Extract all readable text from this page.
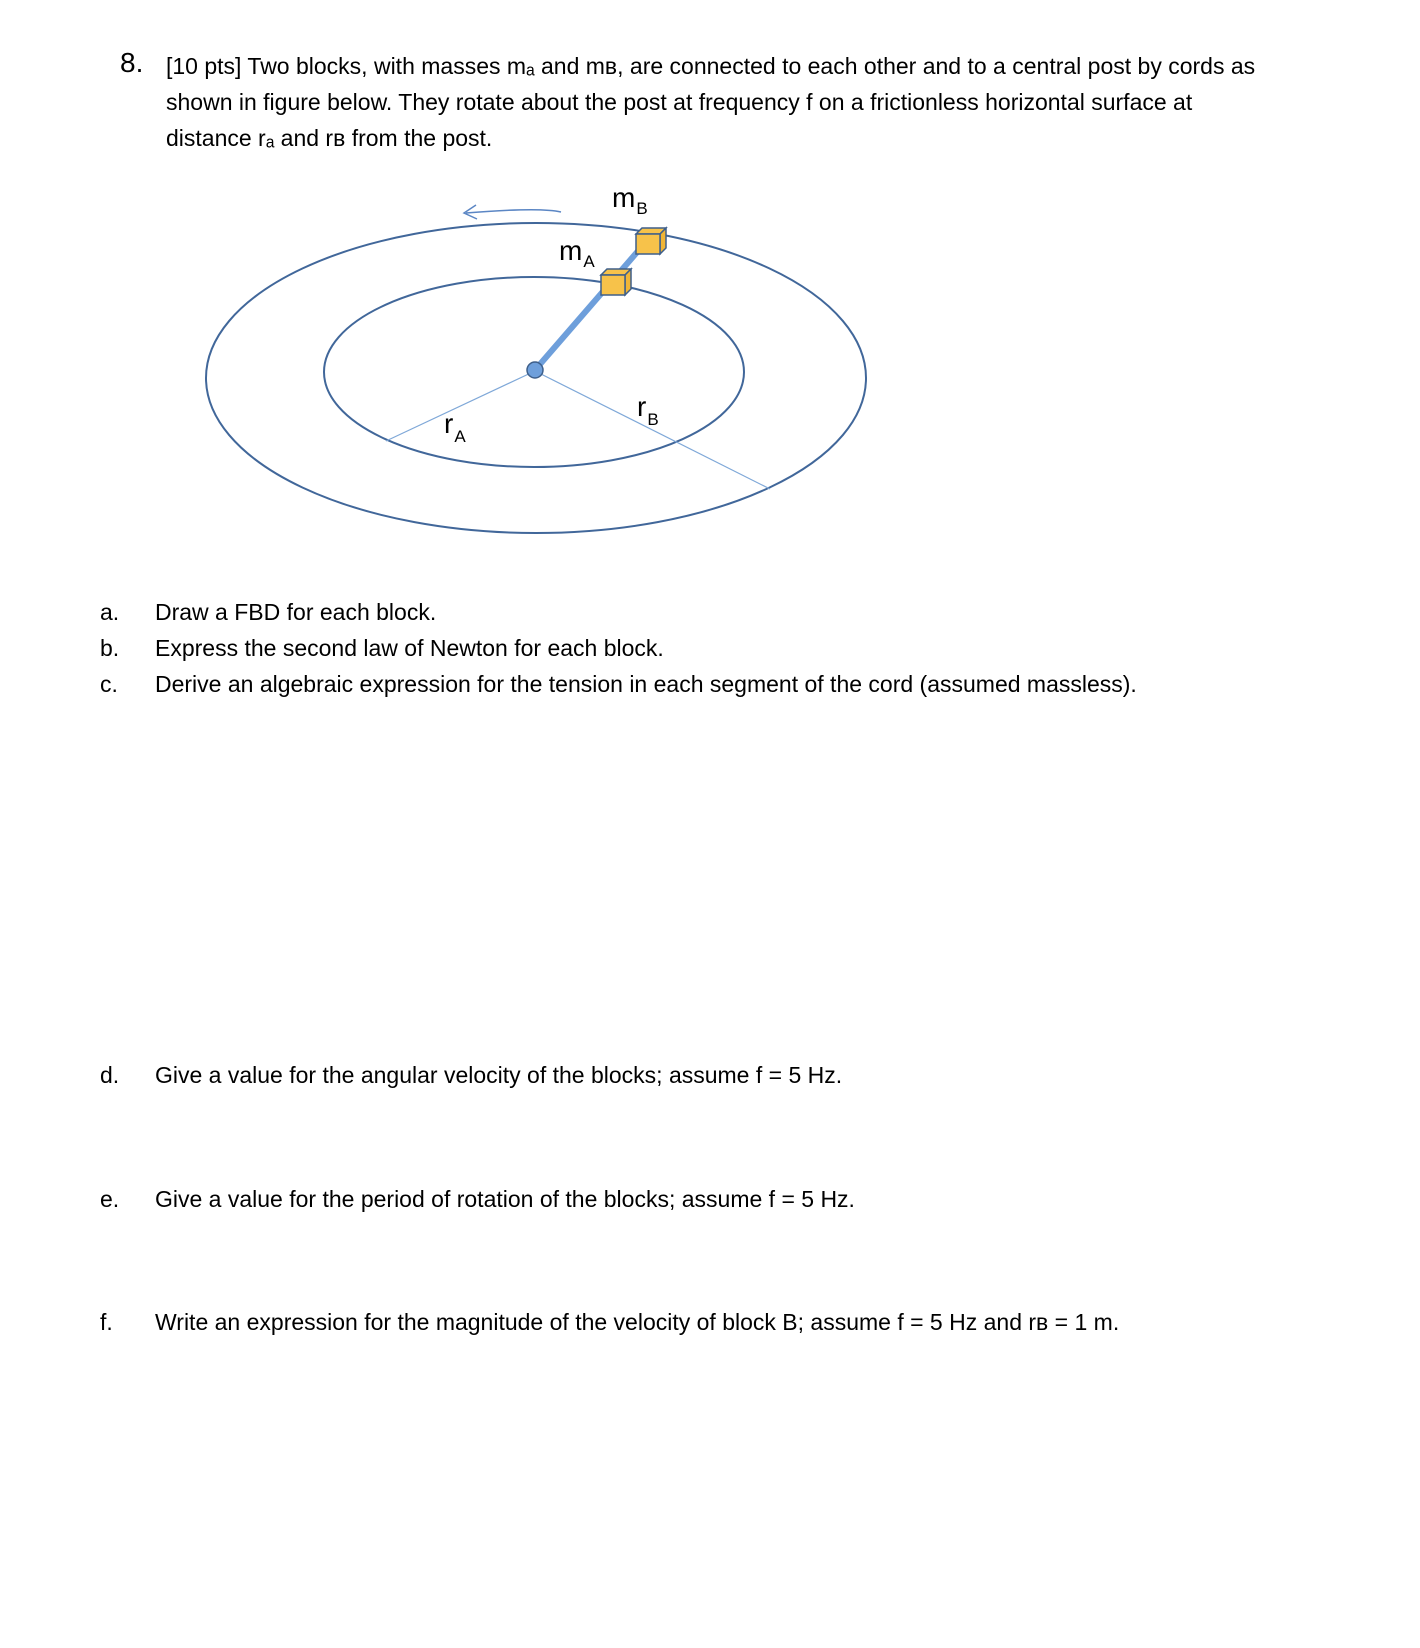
8. [10 pts] Two blocks, with masses mₐ and mʙ, are connected to each other and to a central post by cords as
shown in figure below. They rotate about the post at frequency f on a frictionless horizontal surface at
distance rₐ and rʙ from the post.
$m_B$
$m_A$
$r_A$
$r_B$
a. Draw a FBD for each block.
b. Express the second law of Newton for each block.
c. Derive an algebraic expression for the tension in each segment of the cord (assumed massless).
d. Give a value for the angular velocity of the blocks; assume f = 5 Hz.
e. Give a value for the period of rotation of the blocks; assume f = 5 Hz.
f. Write an expression for the magnitude of the velocity of block B; assume f = 5 Hz and rʙ = 1 m.
